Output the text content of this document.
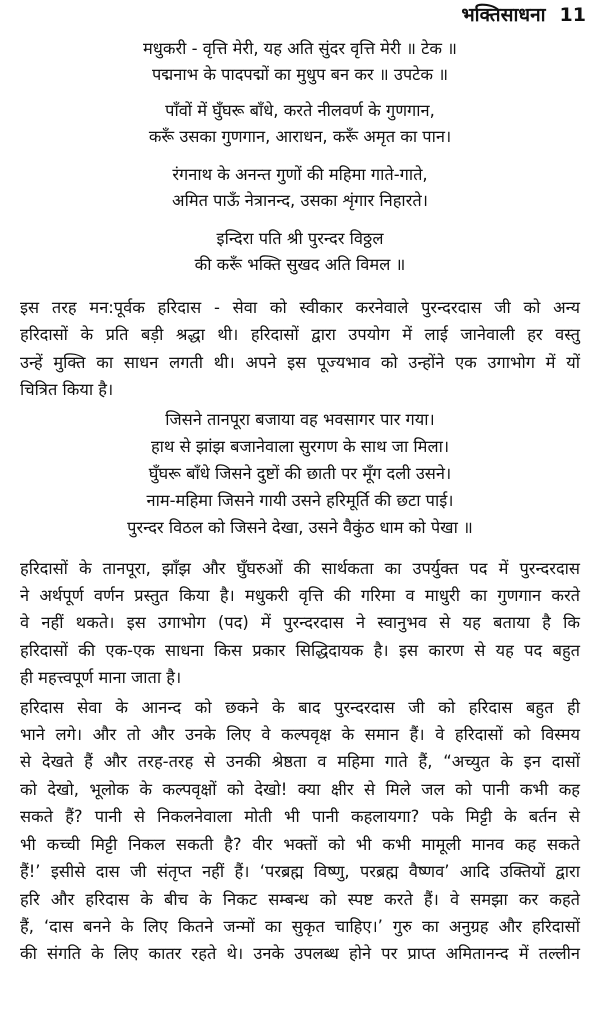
भक्तिसाधना 11
मधुकरी - वृत्ति मेरी, यह अति सुंदर वृत्ति मेरी ॥ टेक ॥
पद्मनाभ के पादपद्मों का मुधुप बन कर ॥ उपटेक ॥
पाँवों में घुँघरू बाँधे, करते नीलवर्ण के गुणगान,
करूँ उसका गुणगान, आराधन, करूँ अमृत का पान।
रंगनाथ के अनन्त गुणों की महिमा गाते-गाते,
अमित पाऊँ नेत्रानन्द, उसका शृंगार निहारते।
इन्दिरा पति श्री पुरन्दर विठ्ठल
की करूँ भक्ति सुखद अति विमल ॥
इस तरह मन:पूर्वक हरिदास - सेवा को स्वीकार करनेवाले पुरन्दरदास जी को अन्य
हरिदासों के प्रति बड़ी श्रद्धा थी। हरिदासों द्वारा उपयोग में लाई जानेवाली हर वस्तु
उन्हें मुक्ति का साधन लगती थी। अपने इस पूज्यभाव को उन्होंने एक उगाभोग में यों
चित्रित किया है।
जिसने तानपूरा बजाया वह भवसागर पार गया।
हाथ से झांझ बजानेवाला सुरगण के साथ जा मिला।
घुँघरू बाँधे जिसने दुष्टों की छाती पर मूँग दली उसने।
नाम-महिमा जिसने गायी उसने हरिमूर्ति की छटा पाई।
पुरन्दर विठल को जिसने देखा, उसने वैकुंठ धाम को पेखा ॥
हरिदासों के तानपूरा, झाँझ और घुँघरुओं की सार्थकता का उपर्युक्त पद में पुरन्दरदास
ने अर्थपूर्ण वर्णन प्रस्तुत किया है। मधुकरी वृत्ति की गरिमा व माधुरी का गुणगान करते
वे नहीं थकते। इस उगाभोग (पद) में पुरन्दरदास ने स्वानुभव से यह बताया है कि
हरिदासों की एक-एक साधना किस प्रकार सिद्धिदायक है। इस कारण से यह पद बहुत
ही महत्त्वपूर्ण माना जाता है।
हरिदास सेवा के आनन्द को छकने के बाद पुरन्दरदास जी को हरिदास बहुत ही
भाने लगे। और तो और उनके लिए वे कल्पवृक्ष के समान हैं। वे हरिदासों को विस्मय
से देखते हैं और तरह-तरह से उनकी श्रेष्ठता व महिमा गाते हैं, “अच्युत के इन दासों
को देखो, भूलोक के कल्पवृक्षों को देखो! क्या क्षीर से मिले जल को पानी कभी कह
सकते हैं? पानी से निकलनेवाला मोती भी पानी कहलायगा? पके मिट्टी के बर्तन से
भी कच्ची मिट्टी निकल सकती है? वीर भक्तों को भी कभी मामूली मानव कह सकते
हैं!’ इसीसे दास जी संतृप्त नहीं हैं। ‘परब्रह्म विष्णु, परब्रह्म वैष्णव’ आदि उक्तियों द्वारा
हरि और हरिदास के बीच के निकट सम्बन्ध को स्पष्ट करते हैं। वे समझा कर कहते
हैं, ‘दास बनने के लिए कितने जन्मों का सुकृत चाहिए।’ गुरु का अनुग्रह और हरिदासों
की संगति के लिए कातर रहते थे। उनके उपलब्ध होने पर प्राप्त अमितानन्द में तल्लीन
